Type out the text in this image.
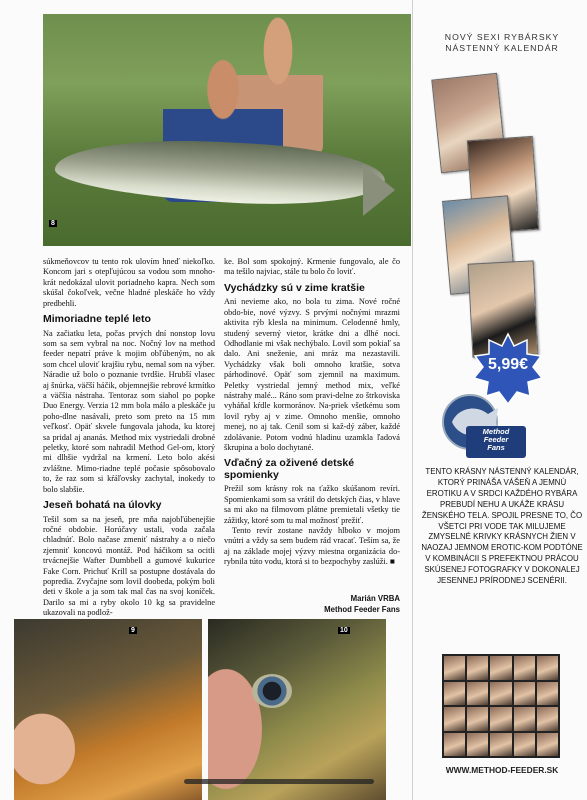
8

súkmeňovcov tu tento rok ulovím hneď niekoľko. Koncom jari s otepľujúcou sa vodou som mnoho-krát nedokázal ulovit poriadneho kapra. Nech som skúšal čokoľvek, večne hladné pleskáče ho vždy predbehli.

Mimoriadne teplé leto

Na začiatku leta, počas prvých dní nonstop lovu som sa sem vybral na noc. Nočný lov na method feeder nepatrí práve k mojim obľúbeným, no ak som chcel uloviť krajšiu rybu, nemal som na výber. Náradie už bolo o poznanie tvrdšie. Hrubší vlasec aj šnúrka, väčší háčik, objemnejšie rebrové krmítko a väčšia nástraha. Tentoraz som siahol po popke Duo Energy. Verzia 12 mm bola málo a pleskáče ju poho-dlne nasávali, preto som preto na 15 mm veľkosť. Opäť skvele fungovala jahoda, ku ktorej sa pridal aj ananás. Method mix vystriedali drobné peletky, ktoré som nahradil Method Gel-om, ktorý mi dlhšie vydržal na krmení. Leto bolo akési zvláštne. Mimo-riadne teplé počasie spôsobovalo to, že raz som si kŕáľovsky zachytal, inokedy to bolo slabšie.

Jeseň bohatá na úlovky

Tešil som sa na jeseň, pre mňa najobľúbenejšie ročné obdobie. Horúčavy ustali, voda začala chladnúť. Bolo načase zmeniť nástrahy a o niečo zjemniť koncovú montáž. Pod háčikom sa ocitli trvácnejšie Wafter Dumbbell a gumové kukurice Fake Corn. Prichuť Krill sa postupne dostávala do popredia. Zvyčajne som loviI doobeda, pokým boli deti v škole a ja som tak mal čas na svoj koníček. Darilo sa mi a ryby okolo 10 kg sa pravidelne ukazovali na podlož-

ke. Bol som spokojný. Krmenie fungovalo, ale čo ma tešilo najviac, stále tu bolo čo loviť.

Vychádzky sú v zime kratšie

Ani nevieme ako, no bola tu zima. Nové ročné obdo-bie, nové výzvy. S prvými nočnými mrazmi aktivita rýb klesla na minimum. Celodenné hmly, studený severný vietor, krátke dni a dlhé noci. Odhodlanie mi však nechýbalo. Lovil som pokiaľ sa dalo. Ani sneženie, ani mráz ma nezastavili. Vychádzky však boli omnoho kratšie, sotva párhodinové. Opäť som zjemnil na maximum. Peletky vystriedal jemný method mix, veľké nástrahy malé... Ráno som pravi-delne zo štrkoviska vyháňal kŕdle kormoránov. Na-priek všetkému som lovil ryby aj v zime. Omnoho menšie, omnoho menej, no aj tak. Cenil som si kaž-dý záber, každé zdolávanie. Potom vodnú hladinu uzamkla ľadová škrupina a bolo dochytané.

Vďačný za oživené detské spomienky

Prežil som krásny rok na ťažko skúšanom revíri. Spomienkami som sa vrátil do detských čias, v hlave sa mi ako na filmovom plátne premietali všetky tie zážitky, ktoré som tu mal možnosť prežiť.

Tento revír zostane navždy hlboko v mojom vnútri a vždy sa sem budem rád vracať. Teším sa, že aj na základe mojej výzvy miestna organizácia do-rybnila túto vodu, ktorá si to bezpochyby zaslúži. ■

Marián VRBA
Method Feeder Fans
9	10
NOVÝ SEXI RYBÁRSKY
NÁSTENNÝ KALENDÁR
5,99€
Method
Feeder
Fans
TENTO KRÁSNY NÁSTENNÝ KALENDÁR, KTORÝ PRINÁŠA VÁŠEŇ A JEMNÚ EROTIKU A V SRDCI KAŽDÉHO RYBÁRA PREBUDÍ NEHU A UKÁŽE KRÁSU ŽENSKÉHO TELA. SPOJIL PRESNE TO, ČO VŠETCI PRI VODE TAK MILUJEME ZMYSELNÉ KRIVKY KRÁSNYCH ŽIEN V NAOZAJ JEMNOM EROTIC-KOM PODTÓNE V KOMBINÁCII S PREFEKTNOU PRÁCOU SKÚSENEJ FOTOGRAFKY V DOKONALEJ JESENNEJ PRÍRODNEJ SCENÉRII.
WWW.METHOD-FEEDER.SK
